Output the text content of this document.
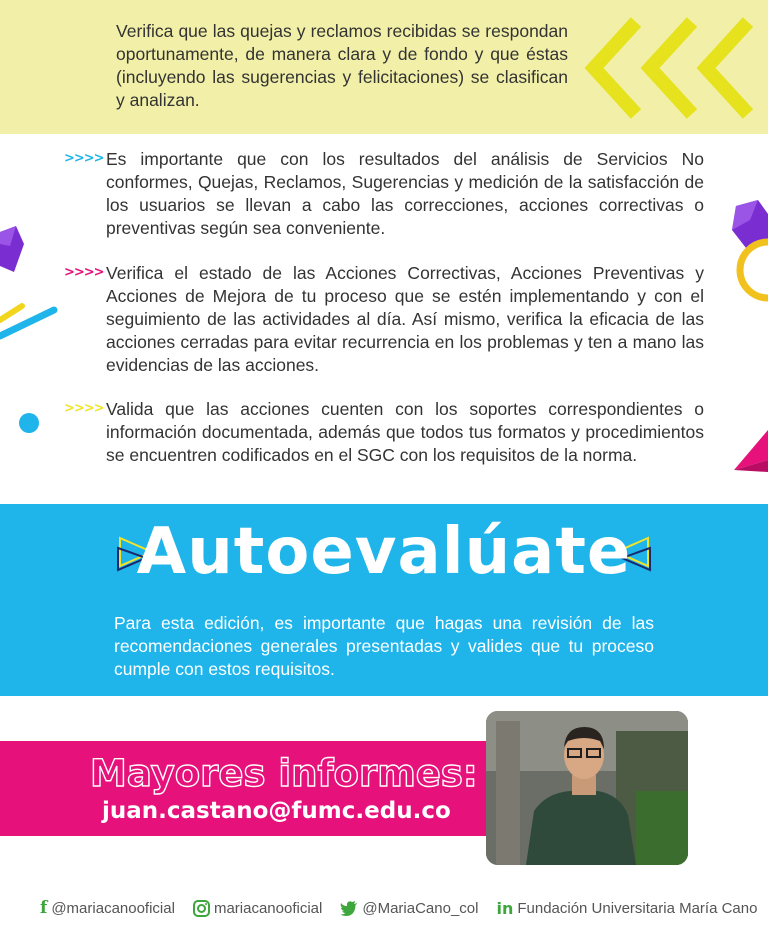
Verifica que las quejas y reclamos recibidas se respondan oportunamente, de manera clara y de fondo y que éstas (incluyendo las sugerencias y felicitaciones) se clasifican y analizan.
>>>> Es importante que con los resultados del análisis de Servicios No conformes, Quejas, Reclamos, Sugerencias y medición de la satisfacción de los usuarios se llevan a cabo las correcciones, acciones correctivas o preventivas según sea conveniente.
>>>> Verifica el estado de las Acciones Correctivas, Acciones Preventivas y Acciones de Mejora de tu proceso que se estén implementando y con el seguimiento de las actividades al día. Así mismo, verifica la eficacia de las acciones cerradas para evitar recurrencia en los problemas y ten a mano las evidencias de las acciones.
>>>> Valida que las acciones cuenten con los soportes correspondientes o información documentada, además que todos tus formatos y procedimientos se encuentren codificados en el SGC con los requisitos de la norma.
Autoevalúate
Para esta edición, es importante que hagas una revisión de las recomendaciones generales presentadas y valides que tu proceso cumple con estos requisitos.
Mayores informes:
juan.castano@fumc.edu.co
f @mariacanooficial	mariacanooficial	@MariaCano_col in Fundación Universitaria María Cano
